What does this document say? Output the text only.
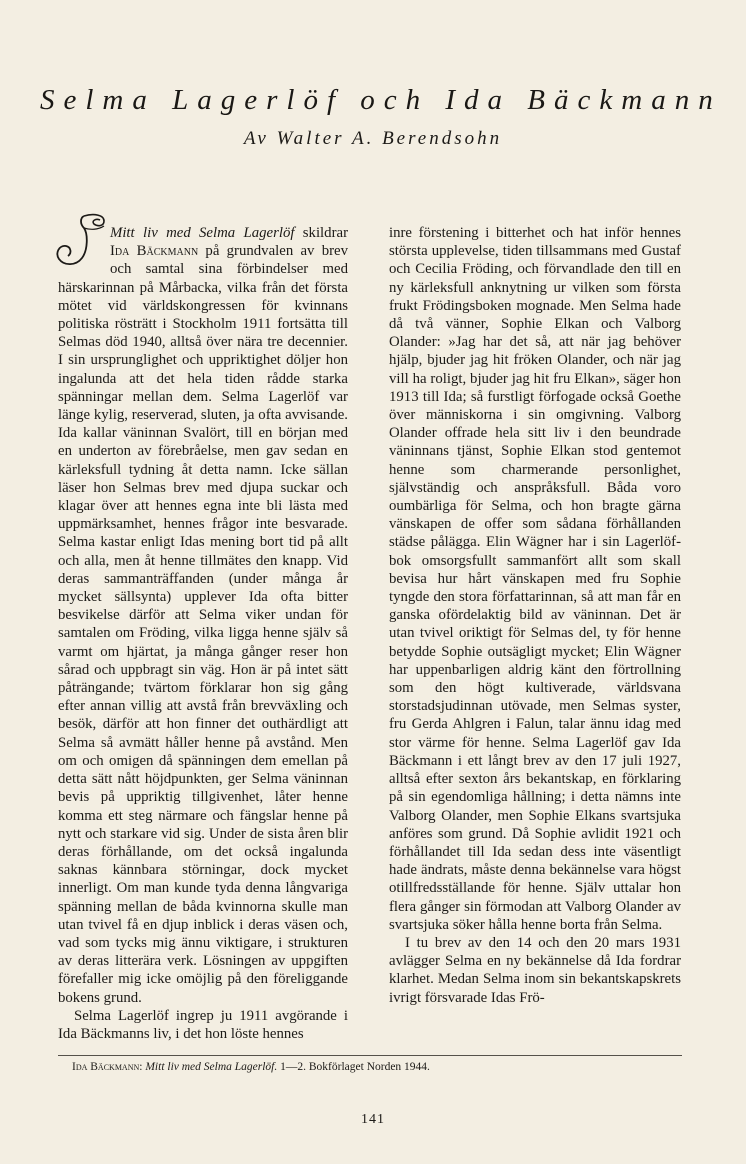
Selma Lagerlöf och Ida Bäckmann
Av Walter A. Berendsohn

Mitt liv med Selma Lagerlöf skildrar Ida Bäckmann på grundvalen av brev och samtal sina förbindelser med härskarinnan på Mårbacka, vilka från det första mötet vid världskongressen för kvinnans politiska rösträtt i Stockholm 1911 fortsätta till Selmas död 1940, alltså över nära tre decennier. I sin ursprunglighet och uppriktighet döljer hon ingalunda att det hela tiden rådde starka spänningar mellan dem. Selma Lagerlöf var länge kylig, reserverad, sluten, ja ofta avvisande. Ida kallar väninnan Svalört, till en början med en underton av förebråelse, men gav sedan en kärleksfull tydning åt detta namn. Icke sällan läser hon Selmas brev med djupa suckar och klagar över att hennes egna inte bli lästa med uppmärksamhet, hennes frågor inte besvarade. Selma kastar enligt Idas mening bort tid på allt och alla, men åt henne tillmätes den knapp. Vid deras sammanträffanden (under många år mycket sällsynta) upplever Ida ofta bitter besvikelse därför att Selma viker undan för samtalen om Fröding, vilka ligga henne själv så varmt om hjärtat, ja många gånger reser hon sårad och uppbragt sin väg. Hon är på intet sätt påträngande; tvärtom förklarar hon sig gång efter annan villig att avstå från brevväxling och besök, därför att hon finner det outhärdligt att Selma så avmätt håller henne på avstånd. Men om och omigen då spänningen dem emellan på detta sätt nått höjdpunkten, ger Selma väninnan bevis på uppriktig tillgivenhet, låter henne komma ett steg närmare och fängslar henne på nytt och starkare vid sig. Under de sista åren blir deras förhållande, om det också ingalunda saknas kännbara störningar, dock mycket innerligt. Om man kunde tyda denna långvariga spänning mellan de båda kvinnorna skulle man utan tvivel få en djup inblick i deras väsen och, vad som tycks mig ännu viktigare, i strukturen av deras litterära verk. Lösningen av uppgiften förefaller mig icke omöjlig på den föreliggande bokens grund.

Selma Lagerlöf ingrep ju 1911 avgörande i Ida Bäckmanns liv, i det hon löste hennes

inre förstening i bitterhet och hat inför hennes största upplevelse, tiden tillsammans med Gustaf och Cecilia Fröding, och förvandlade den till en ny kärleksfull anknytning ur vilken som första frukt Frödingsboken mognade. Men Selma hade då två vänner, Sophie Elkan och Valborg Olander: »Jag har det så, att när jag behöver hjälp, bjuder jag hit fröken Olander, och när jag vill ha roligt, bjuder jag hit fru Elkan», säger hon 1913 till Ida; så furstligt förfogade också Goethe över människorna i sin omgivning. Valborg Olander offrade hela sitt liv i den beundrade väninnans tjänst, Sophie Elkan stod gentemot henne som charmerande personlighet, självständig och anspråksfull. Båda voro oumbärliga för Selma, och hon bragte gärna vänskapen de offer som sådana förhållanden städse pålägga. Elin Wägner har i sin Lagerlöf-bok omsorgsfullt sammanfört allt som skall bevisa hur hårt vänskapen med fru Sophie tyngde den stora författarinnan, så att man får en ganska ofördelaktig bild av väninnan. Det är utan tvivel oriktigt för Selmas del, ty för henne betydde Sophie outsägligt mycket; Elin Wägner har uppenbarligen aldrig känt den förtrollning som den högt kultiverade, världsvana storstadsjudinnan utövade, men Selmas syster, fru Gerda Ahlgren i Falun, talar ännu idag med stor värme för henne. Selma Lagerlöf gav Ida Bäckmann i ett långt brev av den 17 juli 1927, alltså efter sexton års bekantskap, en förklaring på sin egendomliga hållning; i detta nämns inte Valborg Olander, men Sophie Elkans svartsjuka anföres som grund. Då Sophie avlidit 1921 och förhållandet till Ida sedan dess inte väsentligt hade ändrats, måste denna bekännelse vara högst otillfredsställande för henne. Själv uttalar hon flera gånger sin förmodan att Valborg Olander av svartsjuka söker hålla henne borta från Selma.

I tu brev av den 14 och den 20 mars 1931 avlägger Selma en ny bekännelse då Ida fordrar klarhet. Medan Selma inom sin bekantskapskrets ivrigt försvarade Idas Frö-

Ida Bäckmann: Mitt liv med Selma Lagerlöf. 1—2. Bokförlaget Norden 1944.
141
